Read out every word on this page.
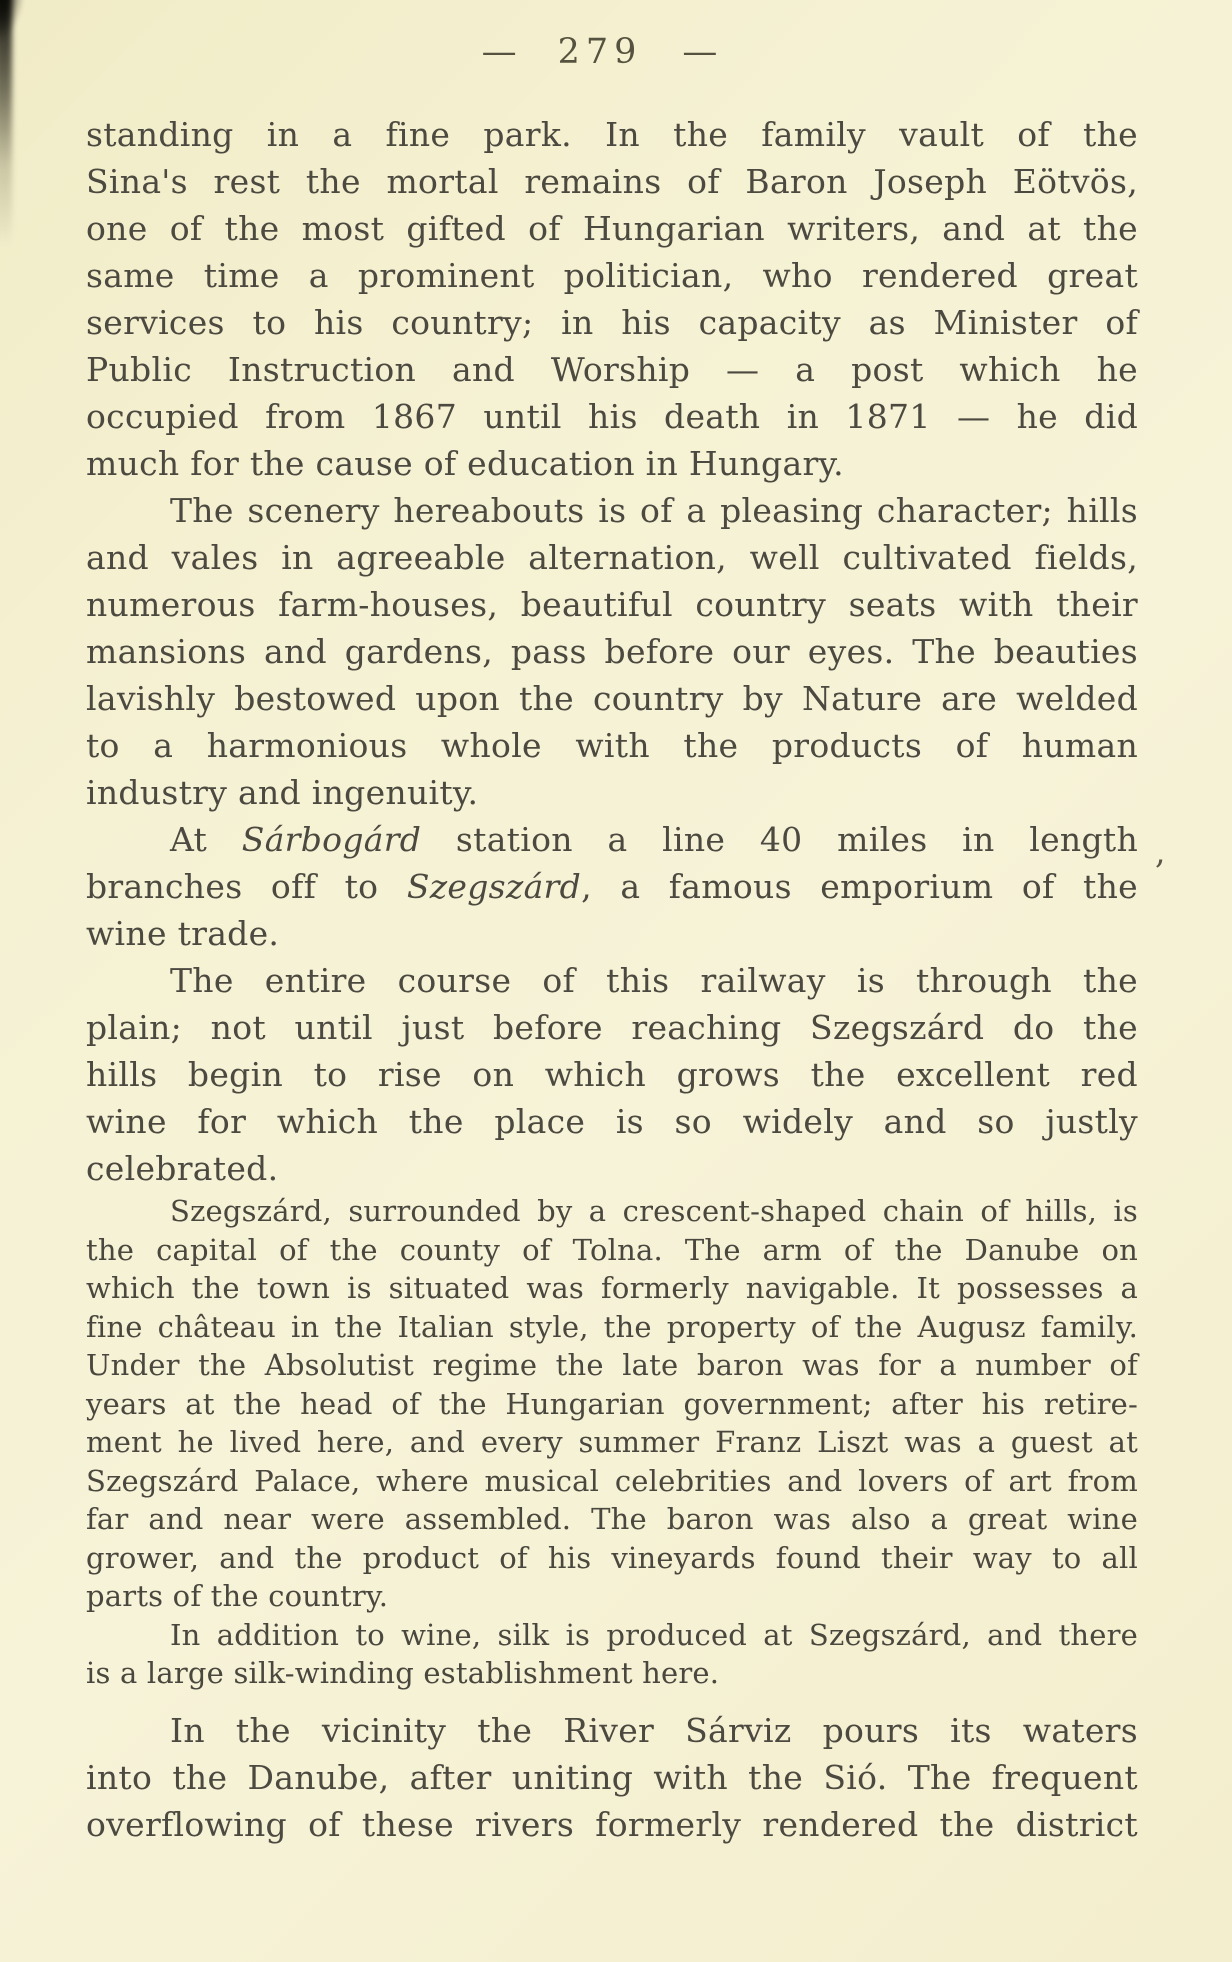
— 279 —
standing in a fine park. In the family vault of the
Sina's rest the mortal remains of Baron Joseph Eötvös,
one of the most gifted of Hungarian writers, and at the
same time a prominent politician, who rendered great
services to his country; in his capacity as Minister of
Public Instruction and Worship — a post which he
occupied from 1867 until his death in 1871 — he did
much for the cause of education in Hungary.
The scenery hereabouts is of a pleasing character; hills
and vales in agreeable alternation, well cultivated fields,
numerous farm-houses, beautiful country seats with their
mansions and gardens, pass before our eyes. The beauties
lavishly bestowed upon the country by Nature are welded
to a harmonious whole with the products of human
industry and ingenuity.
At Sárbogárd station a line 40 miles in length
branches off to Szegszárd, a famous emporium of the
wine trade.
The entire course of this railway is through the
plain; not until just before reaching Szegszárd do the
hills begin to rise on which grows the excellent red
wine for which the place is so widely and so justly
celebrated.
Szegszárd, surrounded by a crescent-shaped chain of hills, is
the capital of the county of Tolna. The arm of the Danube on
which the town is situated was formerly navigable. It possesses a
fine château in the Italian style, the property of the Augusz family.
Under the Absolutist regime the late baron was for a number of
years at the head of the Hungarian government; after his retire-
ment he lived here, and every summer Franz Liszt was a guest at
Szegszárd Palace, where musical celebrities and lovers of art from
far and near were assembled. The baron was also a great wine
grower, and the product of his vineyards found their way to all
parts of the country.
In addition to wine, silk is produced at Szegszárd, and there
is a large silk-winding establishment here.
In the vicinity the River Sárviz pours its waters
into the Danube, after uniting with the Sió. The frequent
overflowing of these rivers formerly rendered the district
,
